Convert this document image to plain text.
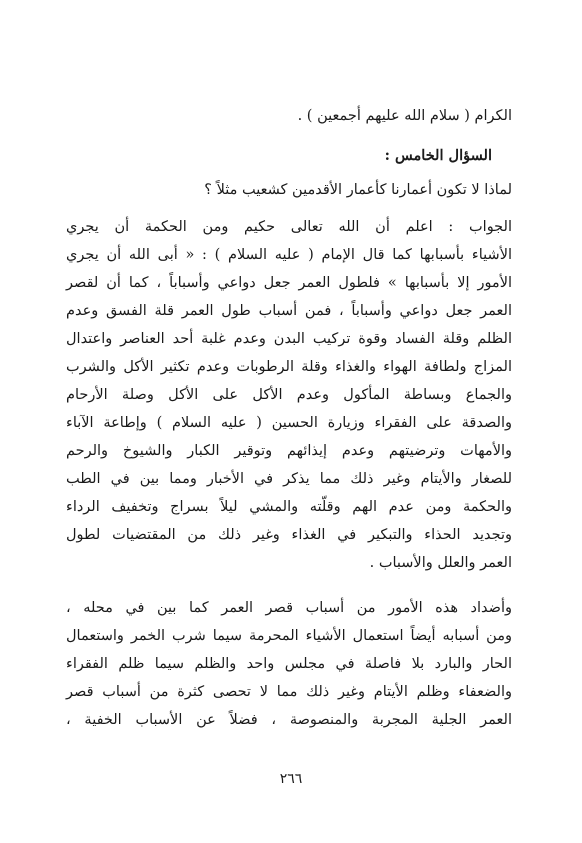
الكرام ( سلام الله عليهم أجمعين ) .
السؤال الخامس :
لماذا لا تكون أعمارنا كأعمار الأقدمين كشعيب مثلاً ؟
الجواب : اعلم أن الله تعالى حكيم ومن الحكمة أن يجري
الأشياء بأسبابها كما قال الإمام ( عليه السلام ) : « أبى الله أن يجري
الأمور إلا بأسبابها » فلطول العمر جعل دواعي وأسباباً ، كما أن لقصر
العمر جعل دواعي وأسباباً ، فمن أسباب طول العمر قلة الفسق وعدم
الظلم وقلة الفساد وقوة تركيب البدن وعدم غلبة أحد العناصر واعتدال
المزاج ولطافة الهواء والغذاء وقلة الرطوبات وعدم تكثير الأكل والشرب
والجماع وبساطة المأكول وعدم الأكل على الأكل وصلة الأرحام
والصدقة على الفقراء وزيارة الحسين ( عليه السلام ) وإطاعة الآباء
والأمهات وترضيتهم وعدم إيذائهم وتوقير الكبار والشيوخ والرحم
للصغار والأيتام وغير ذلك مما يذكر في الأخبار ومما بين في الطب
والحكمة ومن عدم الهم وقلّته والمشي ليلاً بسراج وتخفيف الرداء
وتجديد الحذاء والتبكير في الغذاء وغير ذلك من المقتضيات لطول
العمر والعلل والأسباب .
وأضداد هذه الأمور من أسباب قصر العمر كما بين في محله ،
ومن أسبابه أيضاً استعمال الأشياء المحرمة سيما شرب الخمر واستعمال
الحار والبارد بلا فاصلة في مجلس واحد والظلم سيما ظلم الفقراء
والضعفاء وظلم الأيتام وغير ذلك مما لا تحصى كثرة من أسباب قصر
العمر الجلية المجربة والمنصوصة ، فضلاً عن الأسباب الخفية ،
٢٦٦
